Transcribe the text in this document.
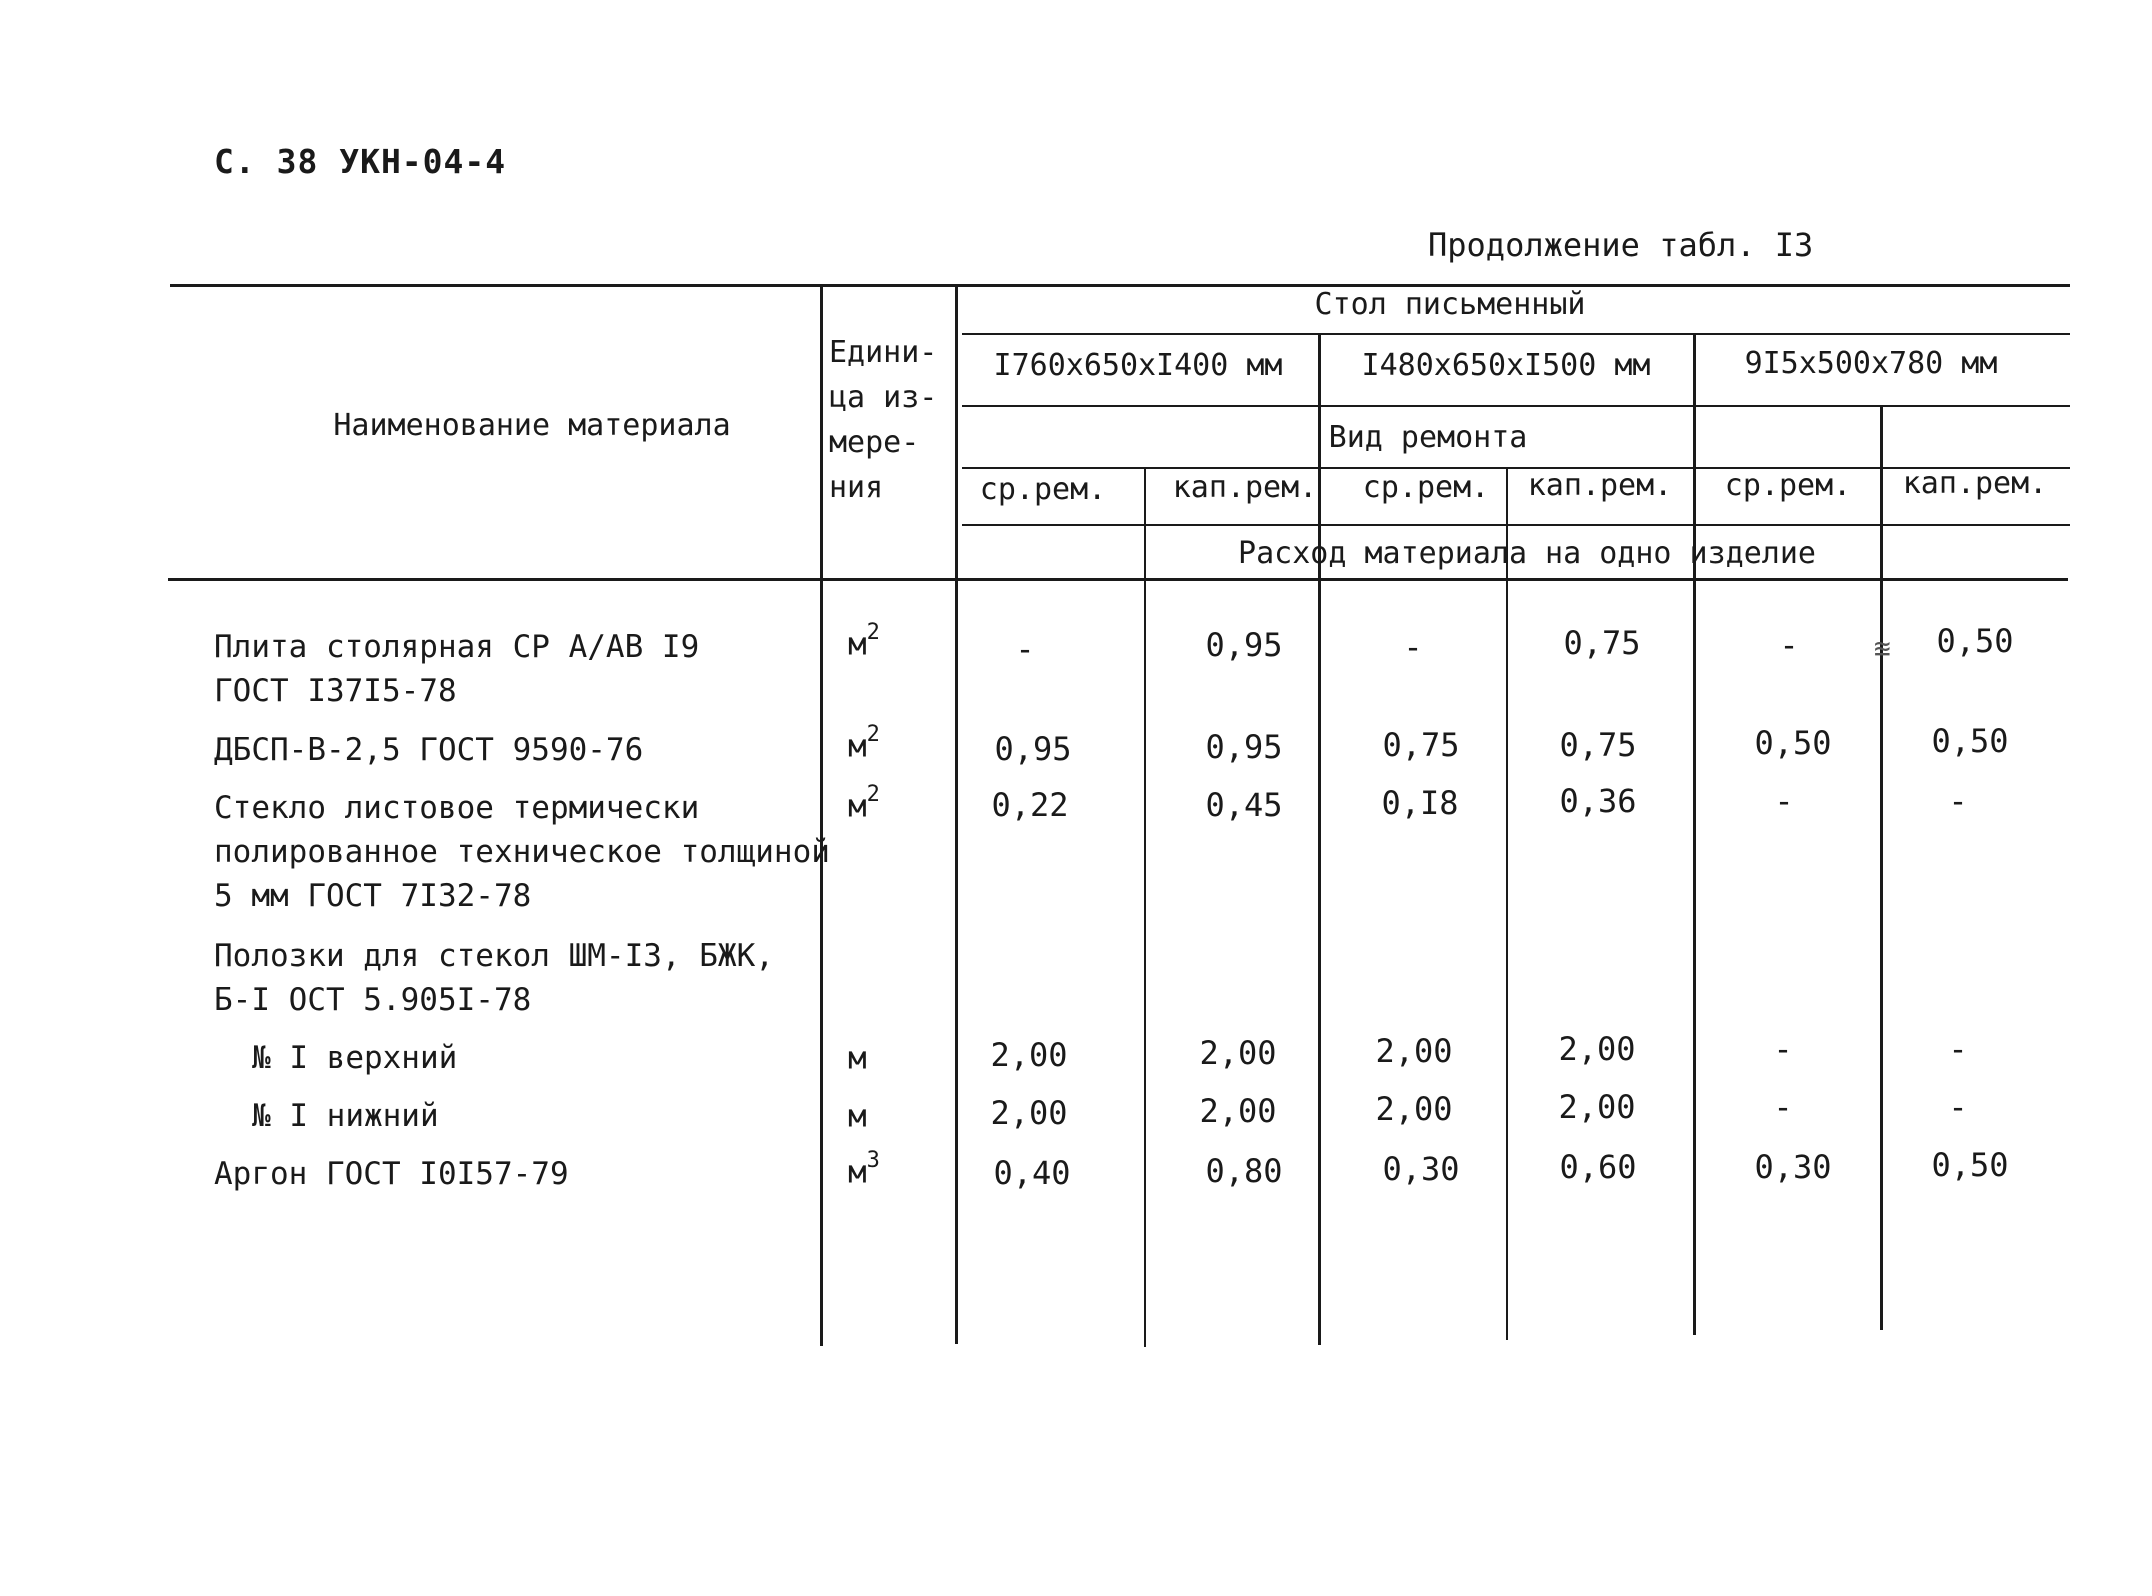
С. 38 УКН-04-4
Продолжение табл. I3
Наименование материала
Едини-
ца из-
мере-
ния
Стол письменный
I760x650xI400 мм	I480x650xI500 мм	9I5x500x780 мм
Вид ремонта
ср.рем. кап.рем. ср.рем. кап.рем. ср.рем. кап.рем.
Расход материала на одно изделие
Плита столярная СР А/АВ I9
ГОСТ I37I5-78
$м^2$	-	0,95	-	0,75	-	0,50
ДБСП-В-2,5 ГОСТ 9590-76	$м^2$	0,95	0,95	0,75	0,75	0,50	0,50
Стекло листовое термически
полированное техническое толщиной
5 мм ГОСТ 7I32-78
$м^2$	0,22	0,45	0,I8	0,36	-	-
Полозки для стекол ШМ-I3, БЖК,
Б-I ОСТ 5.905I-78
№ I верхний	м	2,00	2,00	2,00	2,00	-	-
№ I нижний	м	2,00	2,00	2,00	2,00	-	-
Аргон ГОСТ I0I57-79	$м^3$	0,40	0,80	0,30	0,60	0,30	0,50
≊
